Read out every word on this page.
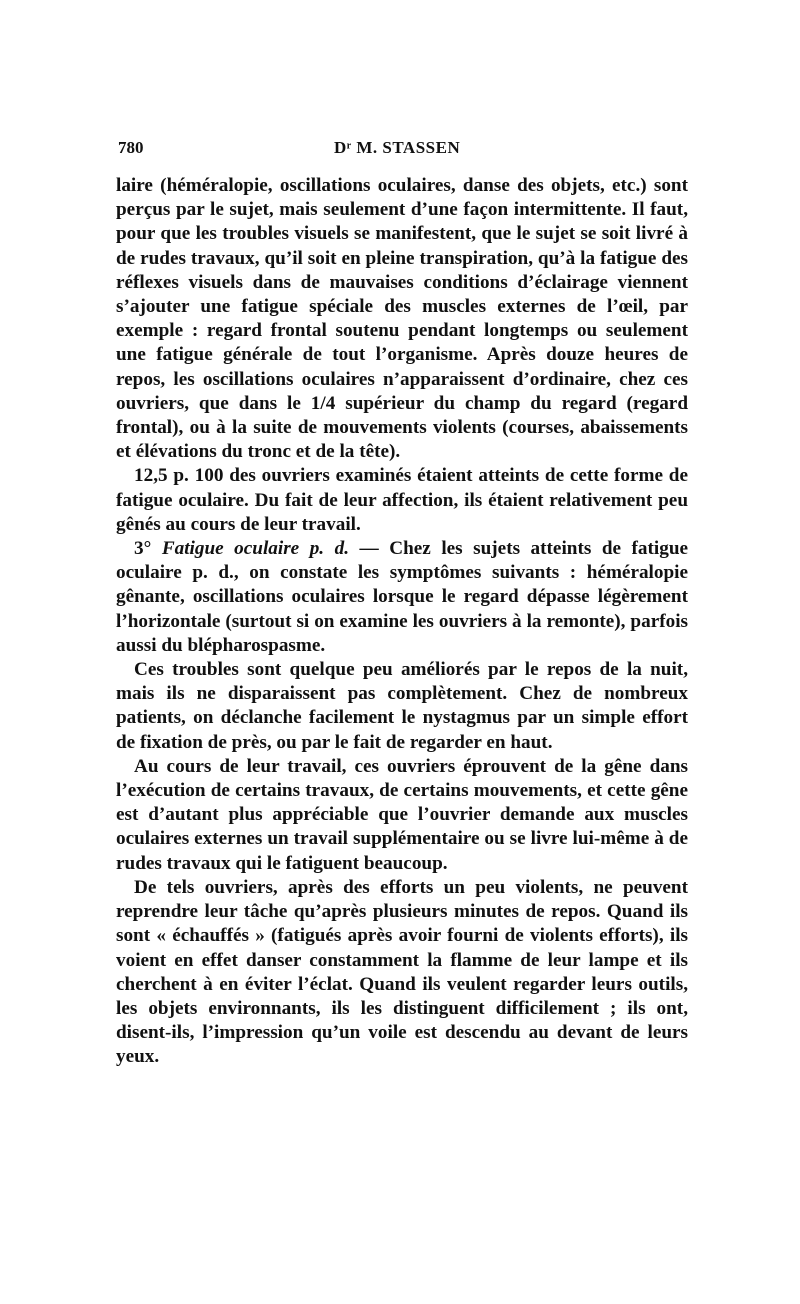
780	Dʳ M. STASSEN

laire (héméralopie, oscillations oculaires, danse des objets, etc.) sont perçus par le sujet, mais seulement d’une façon intermittente. Il faut, pour que les troubles visuels se manifestent, que le sujet se soit livré à de rudes travaux, qu’il soit en pleine transpiration, qu’à la fatigue des réflexes visuels dans de mauvaises conditions d’éclairage viennent s’ajouter une fatigue spéciale des muscles externes de l’œil, par exemple : regard frontal soutenu pendant longtemps ou seulement une fatigue générale de tout l’organisme. Après douze heures de repos, les oscillations oculaires n’apparaissent d’ordinaire, chez ces ouvriers, que dans le 1/4 supérieur du champ du regard (regard frontal), ou à la suite de mouvements violents (courses, abaissements et élévations du tronc et de la tête).

12,5 p. 100 des ouvriers examinés étaient atteints de cette forme de fatigue oculaire. Du fait de leur affection, ils étaient relativement peu gênés au cours de leur travail.

3° Fatigue oculaire p. d. — Chez les sujets atteints de fatigue oculaire p. d., on constate les symptômes suivants : héméralopie gênante, oscillations oculaires lorsque le regard dépasse légèrement l’horizontale (surtout si on examine les ouvriers à la remonte), parfois aussi du blépharospasme.

Ces troubles sont quelque peu améliorés par le repos de la nuit, mais ils ne disparaissent pas complètement. Chez de nombreux patients, on déclanche facilement le nystagmus par un simple effort de fixation de près, ou par le fait de regarder en haut.

Au cours de leur travail, ces ouvriers éprouvent de la gêne dans l’exécution de certains travaux, de certains mouvements, et cette gêne est d’autant plus appréciable que l’ouvrier demande aux muscles oculaires externes un travail supplémentaire ou se livre lui-même à de rudes travaux qui le fatiguent beaucoup.

De tels ouvriers, après des efforts un peu violents, ne peuvent reprendre leur tâche qu’après plusieurs minutes de repos. Quand ils sont « échauffés » (fatigués après avoir fourni de violents efforts), ils voient en effet danser constamment la flamme de leur lampe et ils cherchent à en éviter l’éclat. Quand ils veulent regarder leurs outils, les objets environnants, ils les distinguent difficilement ; ils ont, disent-ils, l’impression qu’un voile est descendu au devant de leurs yeux.
